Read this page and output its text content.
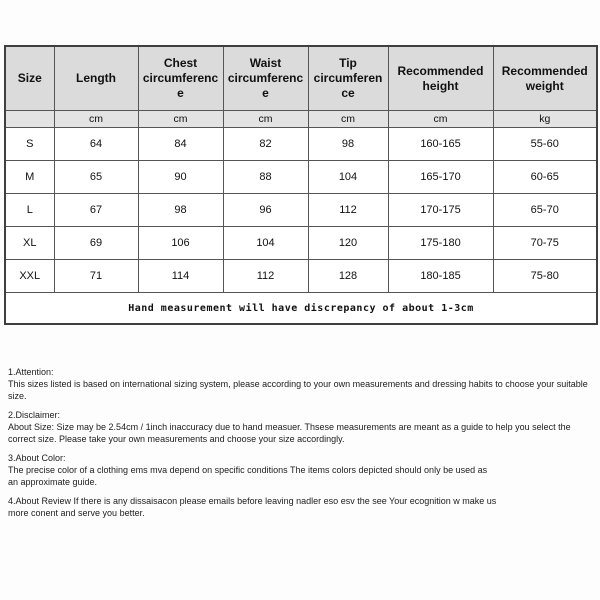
Size	Length	Chest circumference	Waist circumference	Tip circumference	Recommended height	Recommended weight
	cm	cm	cm	cm	cm	kg
S	64	84	82	98	160-165	55-60
M	65	90	88	104	165-170	60-65
L	67	98	96	112	170-175	65-70
XL	69	106	104	120	175-180	70-75
XXL	71	114	112	128	180-185	75-80
Hand measurement will have discrepancy of about 1-3cm						
1.Attention:
This sizes listed is based on international sizing system, please according to your own measurements and dressing habits to choose your suitable size.
2.Disclaimer:
About Size: Size may be 2.54cm / 1inch inaccuracy due to hand measuer. Thsese measurements are meant as a guide to help you select the correct size. Please take your own measurements and choose your size accordingly.
3.About Color:
The precise color of a clothing ems mva depend on specific conditions The items colors depicted should only be used as an approximate guide.
4.About Review If there is any dissaisacon please emails before leaving nadler eso esv the see Your ecognition w make us more conent and serve you better.
